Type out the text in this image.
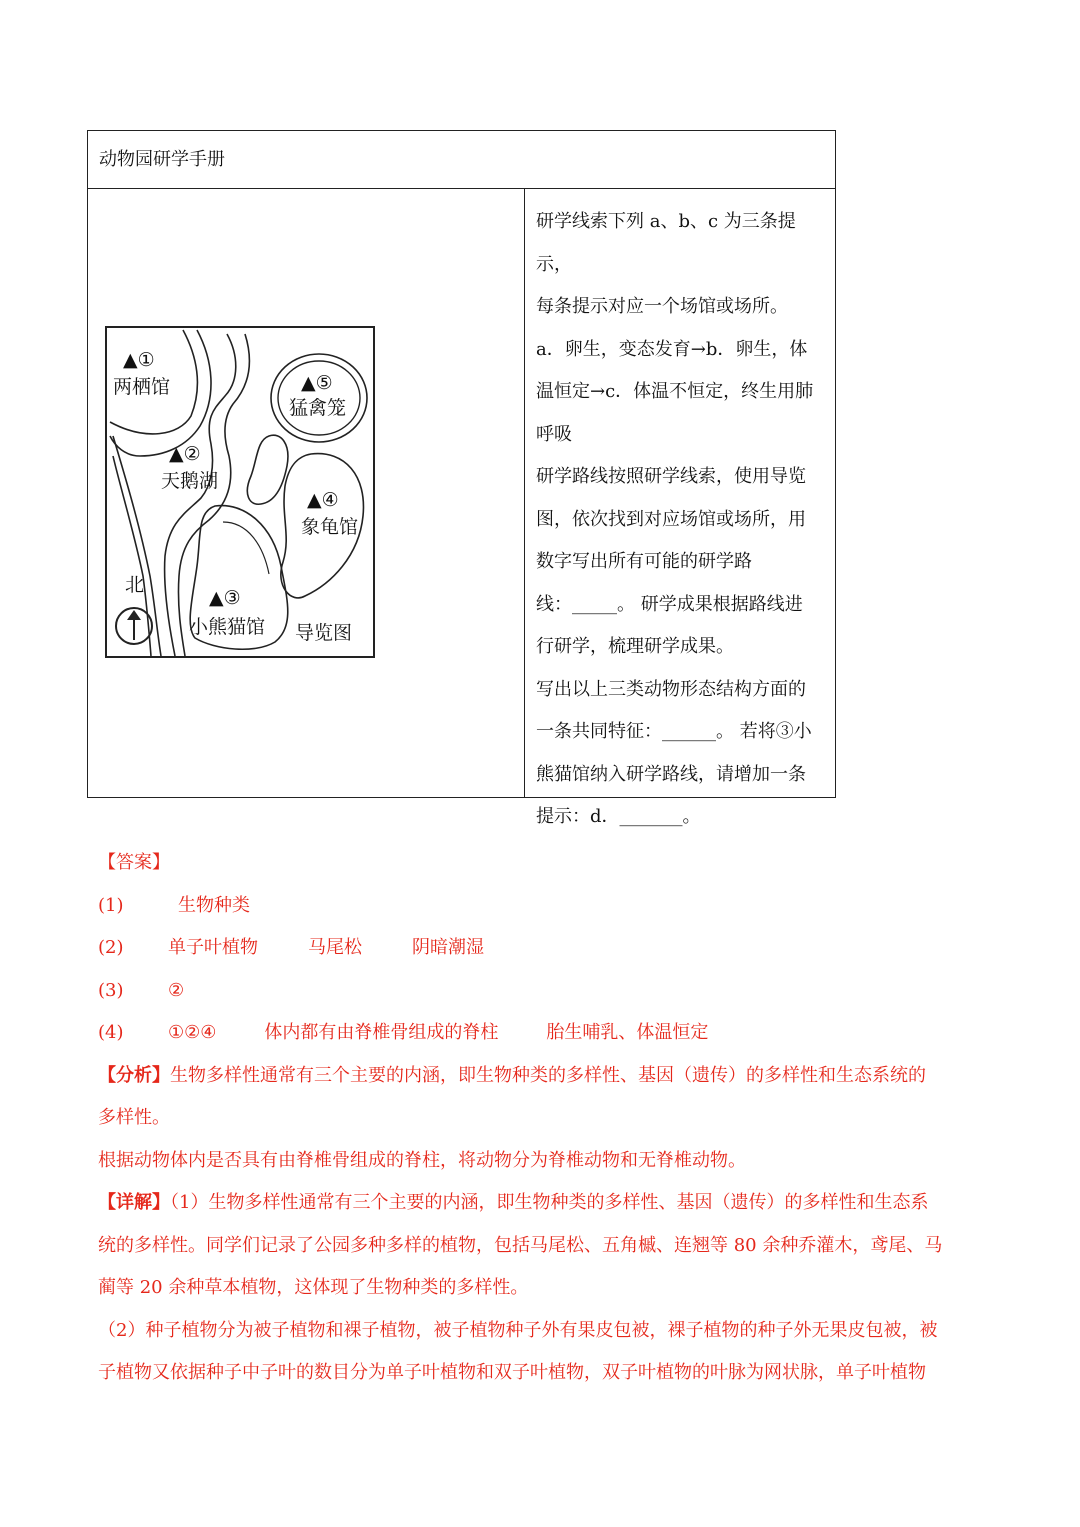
动物园研学手册
▲①
两栖馆
▲②
天鹅湖
▲③
小熊猫馆
▲④
象龟馆
▲⑤
猛禽笼
北
导览图

研学线索下列 a、b、c 为三条提示，

每条提示对应一个场馆或场所。

a．卵生，变态发育→b．卵生，体

温恒定→c．体温不恒定，终生用肺

呼吸

研学路线按照研学线索，使用导览

图，依次找到对应场馆或场所，用

数字写出所有可能的研学路

线：_____。 研学成果根据路线进

行研学，梳理研学成果。

写出以上三类动物形态结构方面的

一条共同特征：______。 若将③小

熊猫馆纳入研学路线，请增加一条

提示：d．_______。

【答案】
(1)	生物种类
(2) 单子叶植物	马尾松	阴暗潮湿
(3) ②
(4) ①②④	体内都有由脊椎骨组成的脊柱	胎生哺乳、体温恒定
【分析】生物多样性通常有三个主要的内涵，即生物种类的多样性、基因（遗传）的多样性和生态系统的
多样性。
根据动物体内是否具有由脊椎骨组成的脊柱，将动物分为脊椎动物和无脊椎动物。
【详解】（1）生物多样性通常有三个主要的内涵，即生物种类的多样性、基因（遗传）的多样性和生态系
统的多样性。同学们记录了公园多种多样的植物，包括马尾松、五角槭、连翘等 80 余种乔灌木，鸢尾、马
蔺等 20 余种草本植物，这体现了生物种类的多样性。
（2）种子植物分为被子植物和裸子植物，被子植物种子外有果皮包被，裸子植物的种子外无果皮包被，被
子植物又依据种子中子叶的数目分为单子叶植物和双子叶植物，双子叶植物的叶脉为网状脉，单子叶植物
